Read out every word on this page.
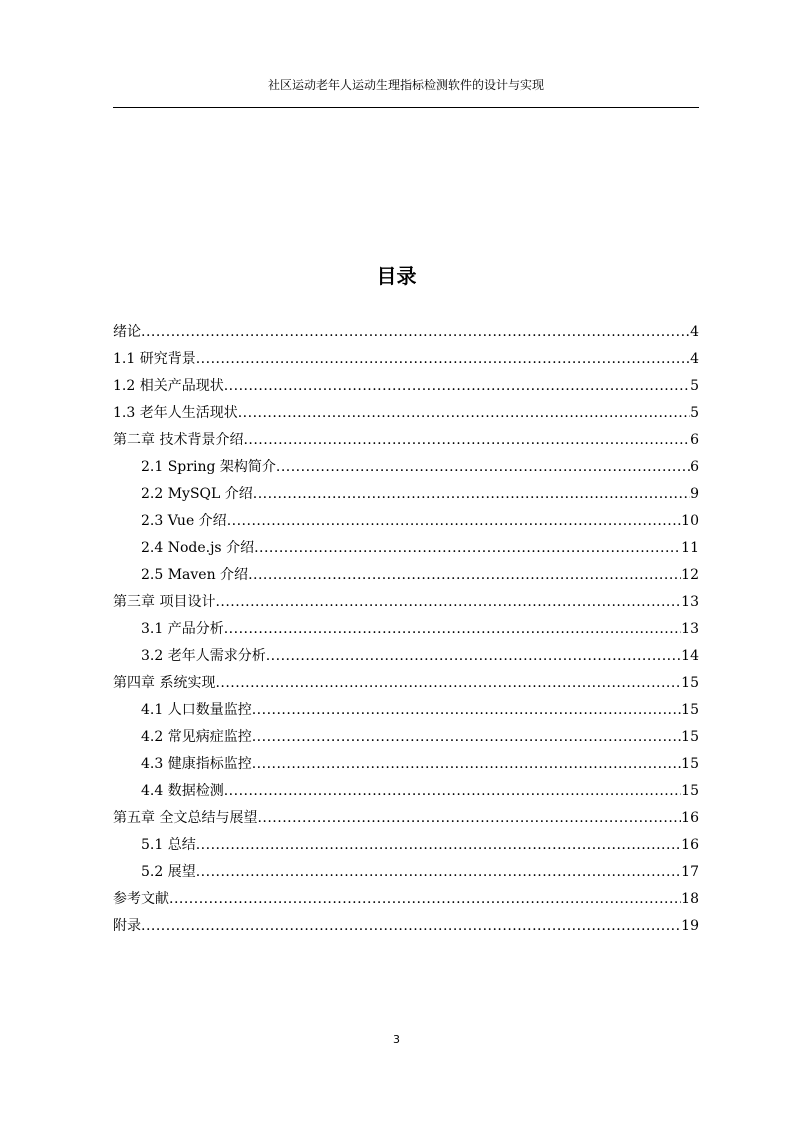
社区运动老年人运动生理指标检测软件的设计与实现
目录
绪论 .....	4
1.1 研究背景 .....	4
1.2 相关产品现状 .....	5
1.3 老年人生活现状 .....	5
第二章 技术背景介绍 .....	6
2.1 Spring 架构简介 .....	6
2.2 MySQL 介绍 .....	9
2.3 Vue 介绍 .....	10
2.4 Node.js 介绍 .....	11
2.5 Maven 介绍 .....	12
第三章 项目设计 .....	13
3.1 产品分析 .....	13
3.2 老年人需求分析 .....	14
第四章 系统实现 .....	15
4.1 人口数量监控 .....	15
4.2 常见病症监控 .....	15
4.3 健康指标监控 .....	15
4.4 数据检测 .....	15
第五章 全文总结与展望 .....	16
5.1 总结 .....	16
5.2 展望 .....	17
参考文献 .....	18
附录 .....	19
3
